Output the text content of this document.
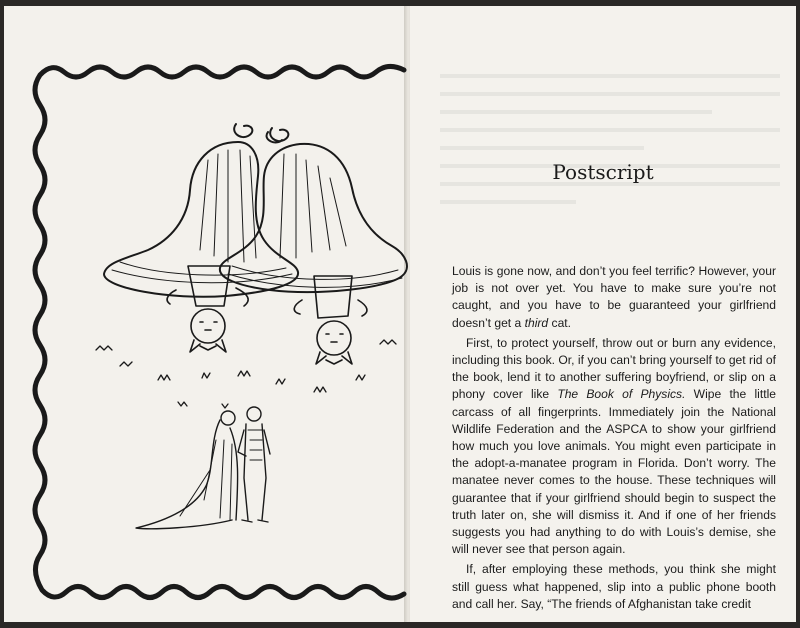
Postscript

Louis is gone now, and don’t you feel terrific? However, your job is not over yet. You have to make sure you’re not caught, and you have to be guaranteed your girlfriend doesn’t get a third cat.

First, to protect yourself, throw out or burn any evidence, including this book. Or, if you can’t bring yourself to get rid of the book, lend it to another suffering boyfriend, or slip on a phony cover like The Book of Physics. Wipe the little carcass of all fingerprints. Immediately join the National Wildlife Federation and the ASPCA to show your girlfriend how much you love animals. You might even participate in the adopt-a-manatee program in Florida. Don’t worry. The manatee never comes to the house. These techniques will guarantee that if your girlfriend should begin to suspect the truth later on, she will dismiss it. And if one of her friends suggests you had anything to do with Louis’s demise, she will never see that person again.

If, after employing these methods, you think she might still guess what happened, slip into a public phone booth and call her. Say, “The friends of Afghanistan take credit
